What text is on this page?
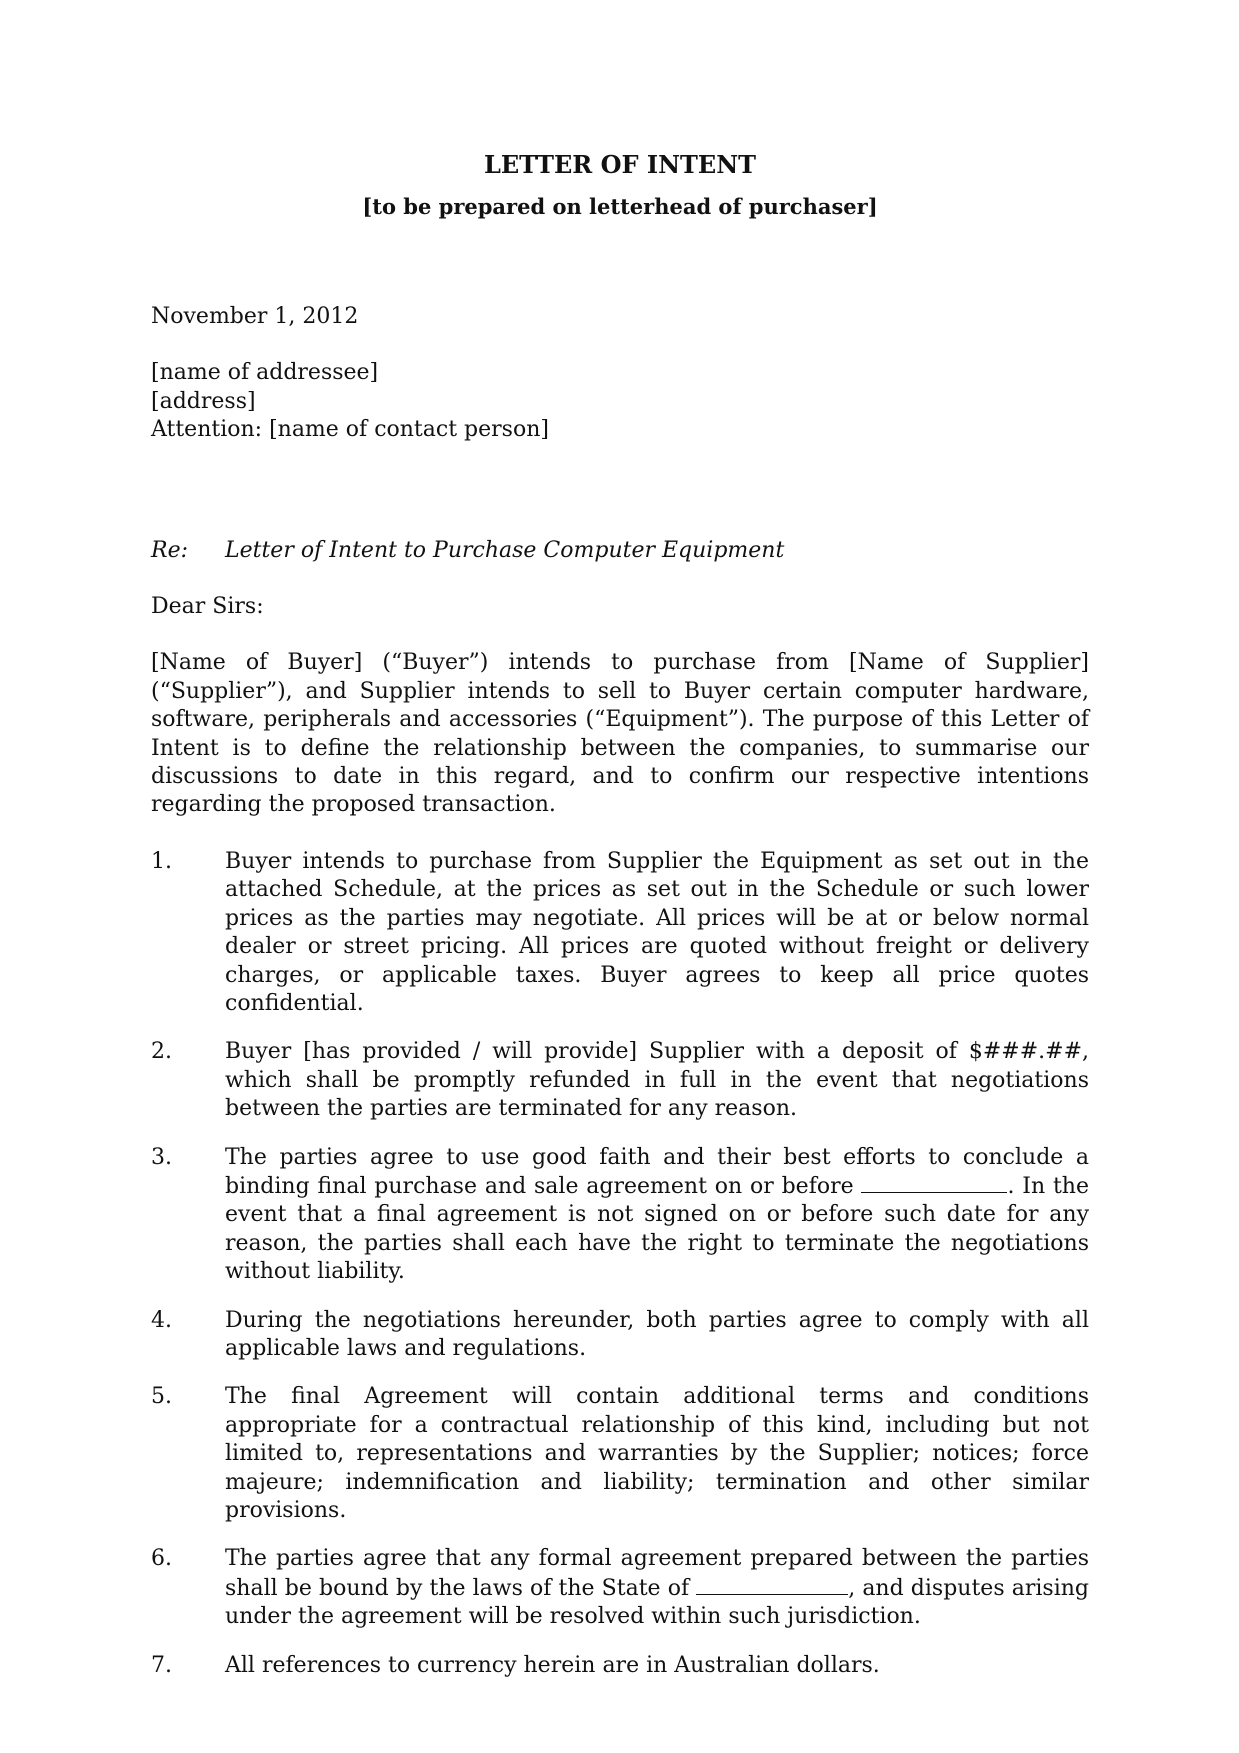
LETTER OF INTENT

[to be prepared on letterhead of purchaser]

November 1, 2012

[name of addressee]
[address]
Attention: [name of contact person]
Re:	Letter of Intent to Purchase Computer Equipment

Dear Sirs:

[Name of Buyer] (“Buyer”) intends to purchase from [Name of Supplier] (“Supplier”), and Supplier intends to sell to Buyer certain computer hardware, software, peripherals and accessories (“Equipment”). The purpose of this Letter of Intent is to define the relationship between the companies, to summarise our discussions to date in this regard, and to confirm our respective intentions regarding the proposed transaction.

1.	Buyer intends to purchase from Supplier the Equipment as set out in the attached Schedule, at the prices as set out in the Schedule or such lower prices as the parties may negotiate. All prices will be at or below normal dealer or street pricing. All prices are quoted without freight or delivery charges, or applicable taxes. Buyer agrees to keep all price quotes confidential.
2.	Buyer [has provided / will provide] Supplier with a deposit of $###.##, which shall be promptly refunded in full in the event that negotiations between the parties are terminated for any reason.
3.	The parties agree to use good faith and their best efforts to conclude a binding final purchase and sale agreement on or before	. In the event that a final agreement is not signed on or before such date for any reason, the parties shall each have the right to terminate the negotiations without liability.
4.	During the negotiations hereunder, both parties agree to comply with all applicable laws and regulations.
5.	The final Agreement will contain additional terms and conditions appropriate for a contractual relationship of this kind, including but not limited to, representations and warranties by the Supplier; notices; force majeure; indemnification and liability; termination and other similar provisions.
6.	The parties agree that any formal agreement prepared between the parties shall be bound by the laws of the State of	, and disputes arising under the agreement will be resolved within such jurisdiction.
7.	All references to currency herein are in Australian dollars.
